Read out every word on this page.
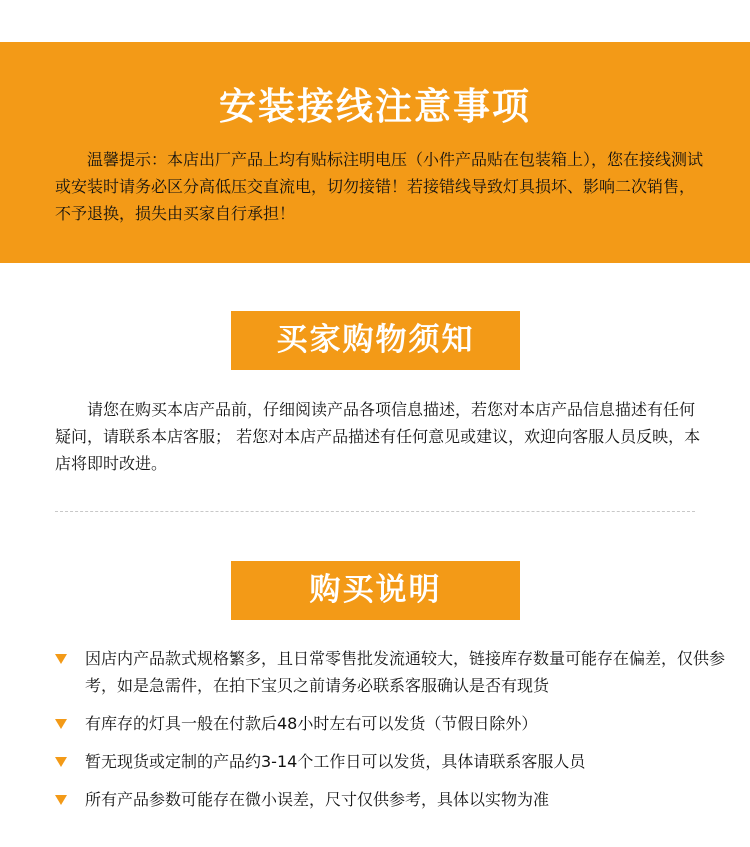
安装接线注意事项

温馨提示：本店出厂产品上均有贴标注明电压（小件产品贴在包装箱上），您在接线测试或安装时请务必区分高低压交直流电，切勿接错！若接错线导致灯具损坏、影响二次销售，不予退换，损失由买家自行承担！

买家购物须知

请您在购买本店产品前，仔细阅读产品各项信息描述，若您对本店产品信息描述有任何疑问，请联系本店客服； 若您对本店产品描述有任何意见或建议，欢迎向客服人员反映，本店将即时改进。

购买说明
因店内产品款式规格繁多，且日常零售批发流通较大，链接库存数量可能存在偏差，仅供参考，如是急需件，在拍下宝贝之前请务必联系客服确认是否有现货
有库存的灯具一般在付款后48小时左右可以发货（节假日除外）
暂无现货或定制的产品约3-14个工作日可以发货，具体请联系客服人员
所有产品参数可能存在微小误差，尺寸仅供参考，具体以实物为准
